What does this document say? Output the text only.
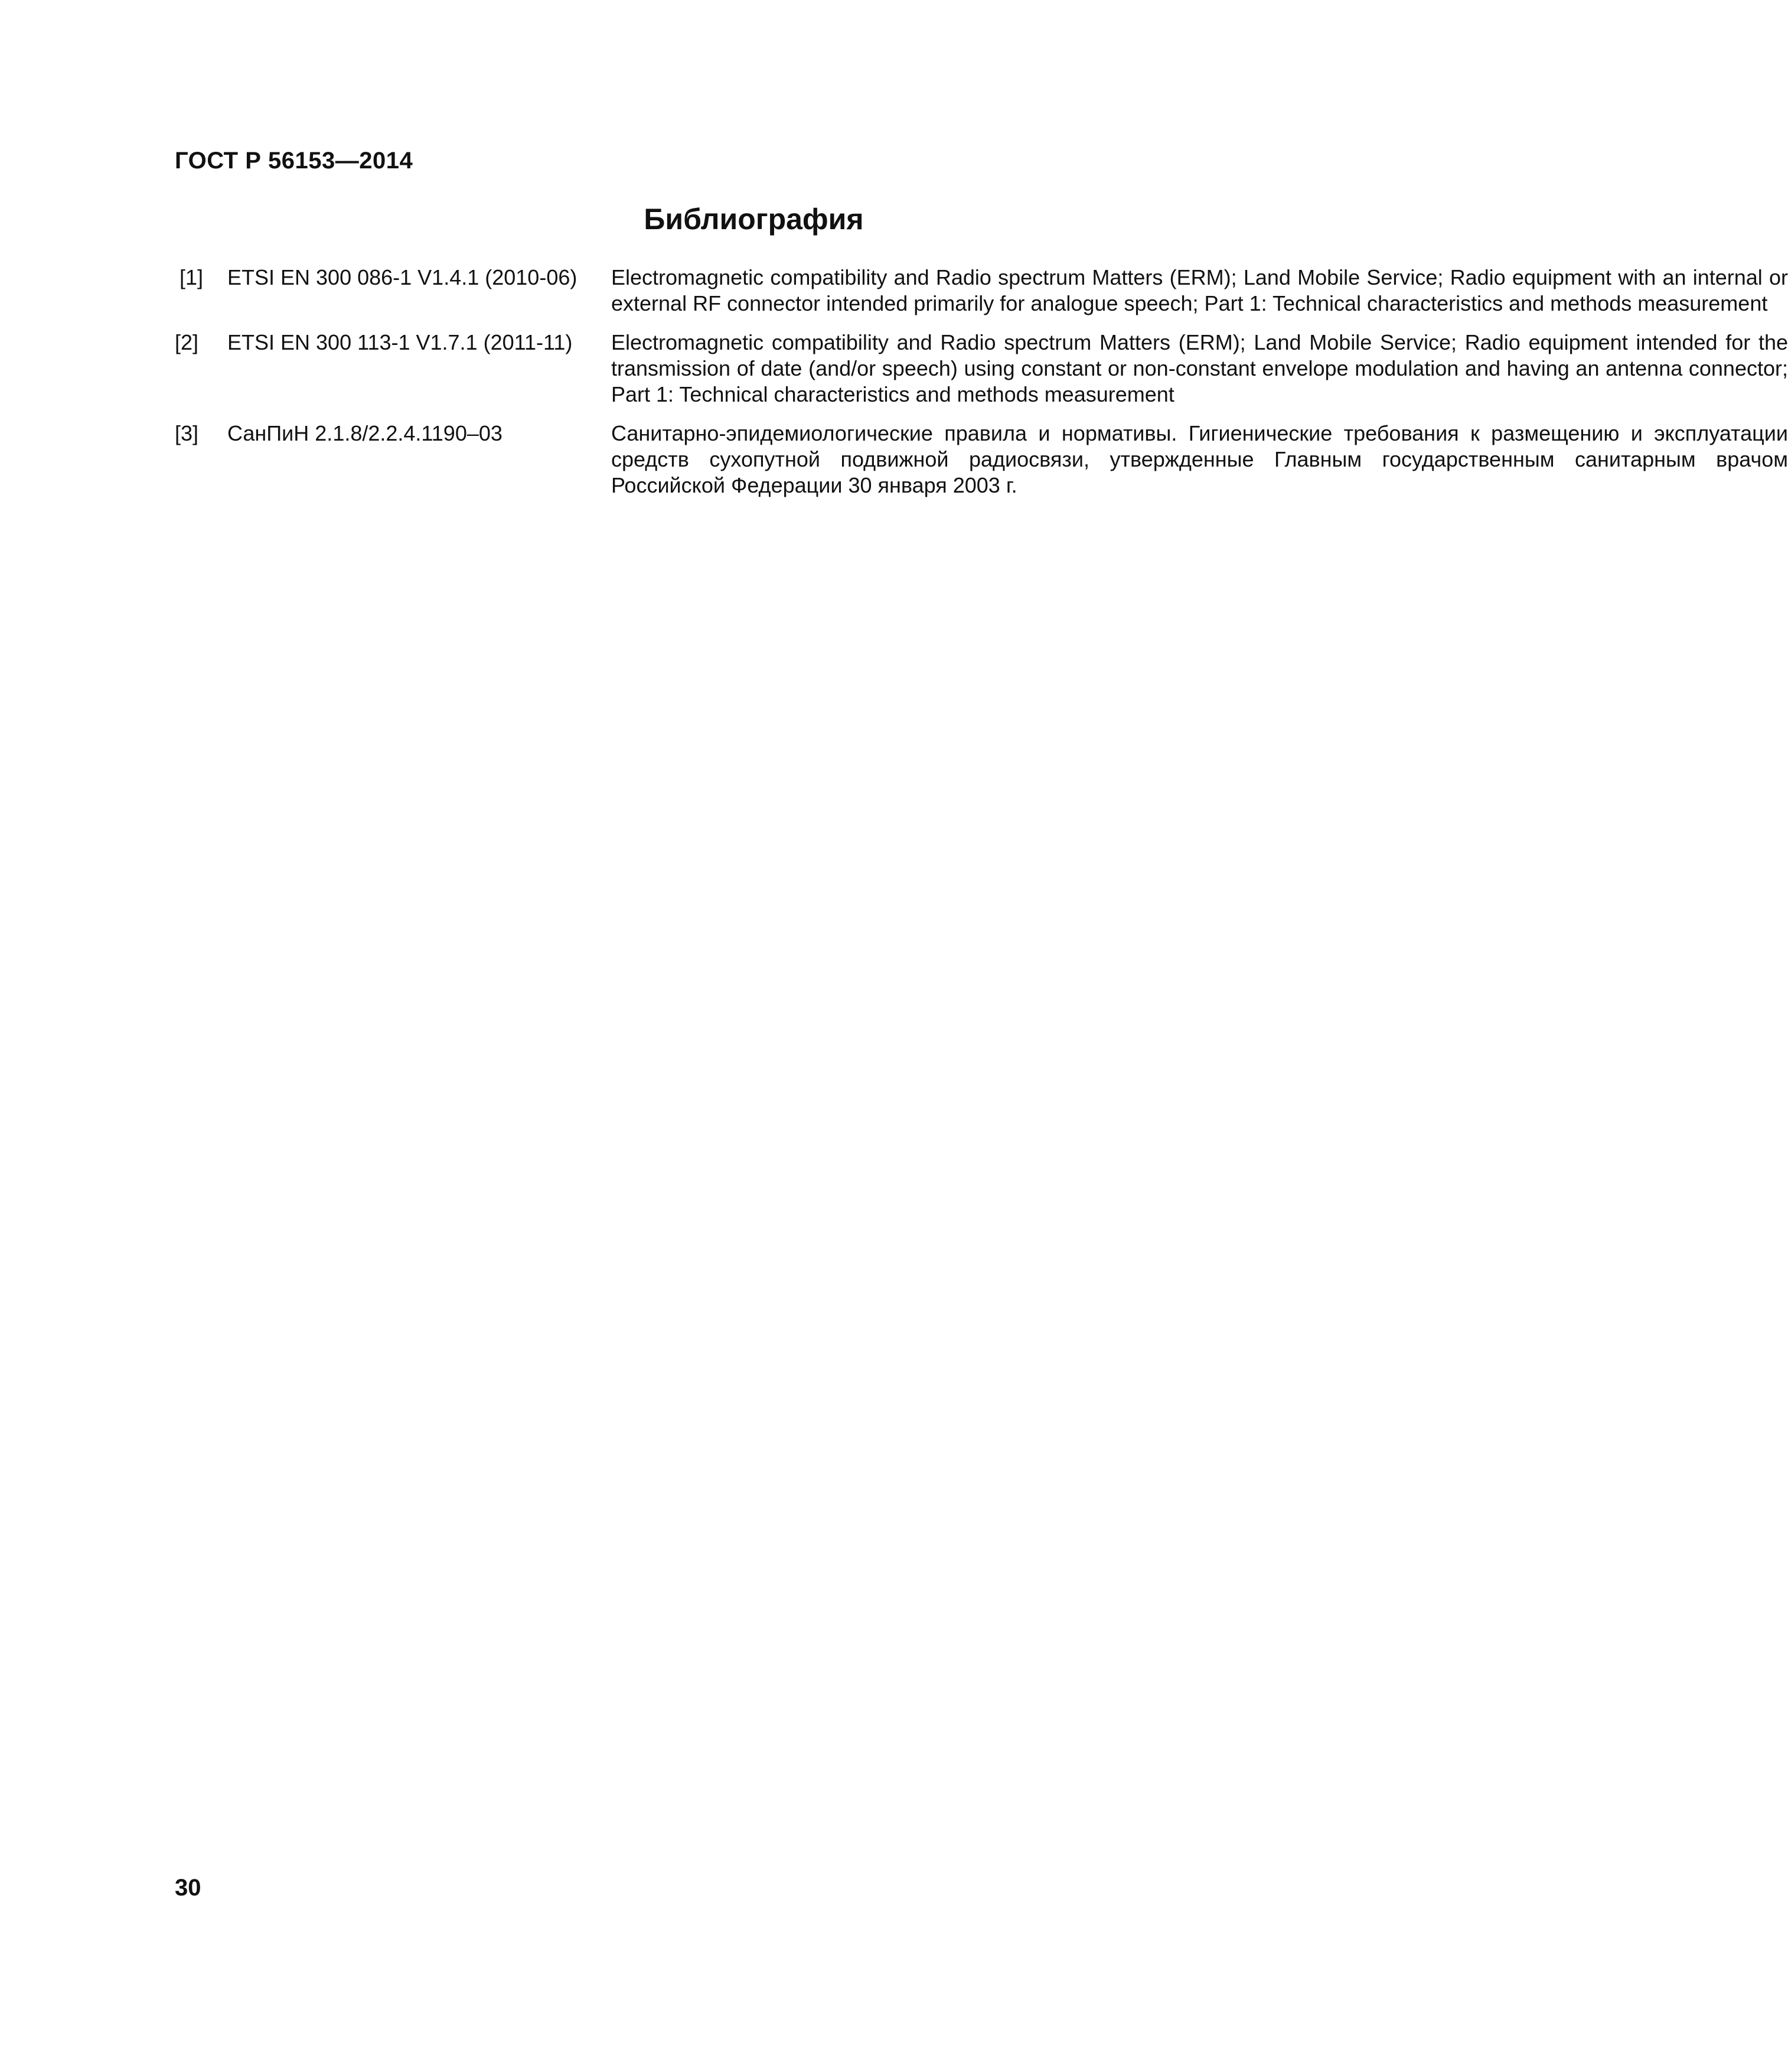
ГОСТ Р 56153—2014
Библиография
[1]	ETSI EN 300 086-1 V1.4.1 (2010-06)	Electromagnetic compatibility and Radio spectrum Matters (ERM); Land Mobile Service; Radio equipment with an internal or external RF connector intended primarily for analogue speech; Part 1: Technical characteristics and methods measurement
[2]	ETSI EN 300 113-1 V1.7.1 (2011-11)	Electromagnetic compatibility and Radio spectrum Matters (ERM); Land Mobile Service; Radio equipment intended for the transmission of date (and/or speech) using constant or non-constant envelope modulation and having an antenna connector; Part 1: Technical characteristics and methods measurement
[3]	СанПиН 2.1.8/2.2.4.1190–03	Санитарно-эпидемиологические правила и нормативы. Гигиенические требования к размещению и эксплуатации средств сухопутной подвижной радиосвязи, утвержденные Главным государственным санитарным врачом Российской Федерации 30 января 2003 г.
30
